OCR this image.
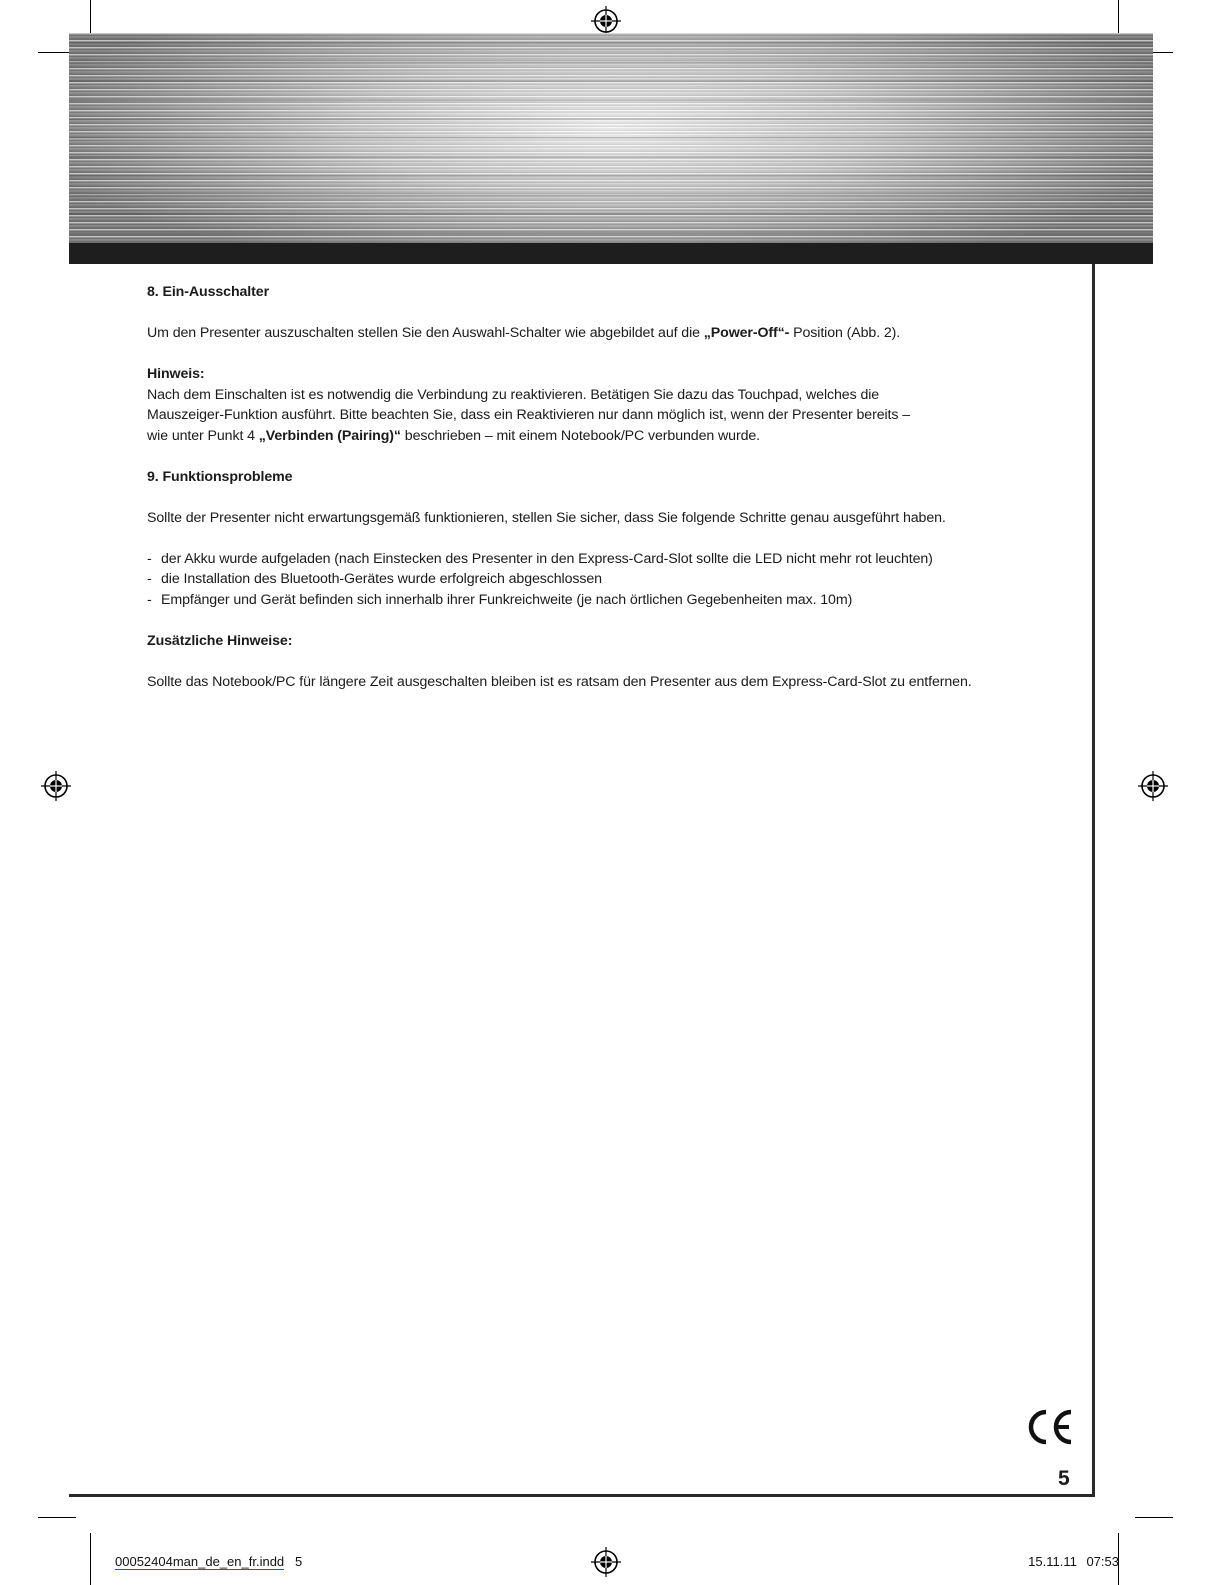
8. Ein-Ausschalter

Um den Presenter auszuschalten stellen Sie den Auswahl-Schalter wie abgebildet auf die „Power-Off“- Position (Abb. 2).

Hinweis:

Nach dem Einschalten ist es notwendig die Verbindung zu reaktivieren. Betätigen Sie dazu das Touchpad, welches die

Mauszeiger-Funktion ausführt. Bitte beachten Sie, dass ein Reaktivieren nur dann möglich ist, wenn der Presenter bereits –

wie unter Punkt 4 „Verbinden (Pairing)“ beschrieben – mit einem Notebook/PC verbunden wurde.

9. Funktionsprobleme

Sollte der Presenter nicht erwartungsgemäß funktionieren, stellen Sie sicher, dass Sie folgende Schritte genau ausgeführt haben.

- der Akku wurde aufgeladen (nach Einstecken des Presenter in den Express-Card-Slot sollte die LED nicht mehr rot leuchten)
- die Installation des Bluetooth-Gerätes wurde erfolgreich abgeschlossen
- Empfänger und Gerät befinden sich innerhalb ihrer Funkreichweite (je nach örtlichen Gegebenheiten max. 10m)

Zusätzliche Hinweise:

Sollte das Notebook/PC für längere Zeit ausgeschalten bleiben ist es ratsam den Presenter aus dem Express-Card-Slot zu entfernen.

5
00052404man_de_en_fr.indd 5	15.11.11 07:53
